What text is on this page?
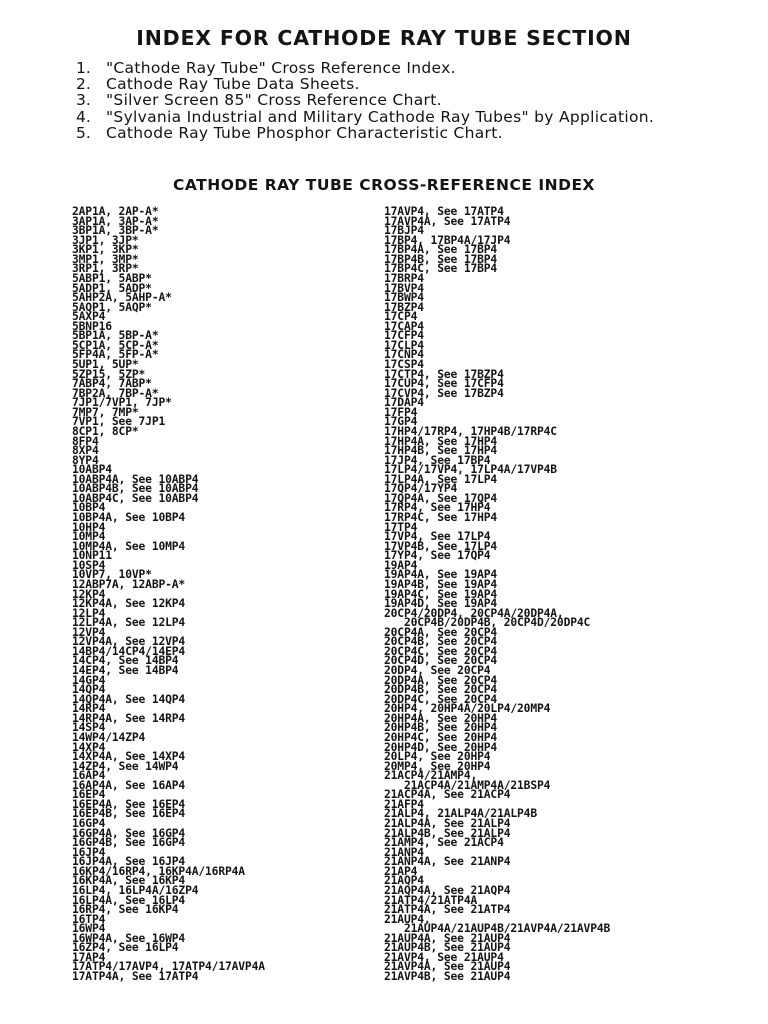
INDEX FOR CATHODE RAY TUBE SECTION
1. "Cathode Ray Tube" Cross Reference Index.
2. Cathode Ray Tube Data Sheets.
3. "Silver Screen 85" Cross Reference Chart.
4. "Sylvania Industrial and Military Cathode Ray Tubes" by Application.
5. Cathode Ray Tube Phosphor Characteristic Chart.
CATHODE RAY TUBE CROSS-REFERENCE INDEX
2AP1A, 2AP-A*
3AP1A, 3AP-A*
3BP1A, 3BP-A*
3JP1, 3JP*
3KP1, 3KP*
3MP1, 3MP*
3RP1, 3RP*
5ABP1, 5ABP*
5ADP1, 5ADP*
5AHP2A, 5AHP-A*
5AQP1, 5AQP*
5AXP4
5BNP16
5BP1A, 5BP-A*
5CP1A, 5CP-A*
5FP4A, 5FP-A*
5UP1, 5UP*
5ZP15, 5ZP*
7ABP4, 7ABP*
7BP2A, 7BP-A*
7JP1/7VP1, 7JP*
7MP7, 7MP*
7VP1, See 7JP1
8CP1, 8CP*
8FP4
8XP4
8YP4
10ABP4
10ABP4A, See 10ABP4
10ABP4B, See 10ABP4
10ABP4C, See 10ABP4
10BP4
10BP4A, See 10BP4
10HP4
10MP4
10MP4A, See 10MP4
10NP11
10SP4
10VP7, 10VP*
12ABP7A, 12ABP-A*
12KP4
12KP4A, See 12KP4
12LP4
12LP4A, See 12LP4
12VP4
12VP4A, See 12VP4
14BP4/14CP4/14EP4
14CP4, See 14BP4
14EP4, See 14BP4
14GP4
14QP4
14QP4A, See 14QP4
14RP4
14RP4A, See 14RP4
14SP4
14WP4/14ZP4
14XP4
14XP4A, See 14XP4
14ZP4, See 14WP4
16AP4
16AP4A, See 16AP4
16EP4
16EP4A, See 16EP4
16EP4B, See 16EP4
16GP4
16GP4A, See 16GP4
16GP4B, See 16GP4
16JP4
16JP4A, See 16JP4
16KP4/16RP4, 16KP4A/16RP4A
16KP4A, See 16KP4
16LP4, 16LP4A/16ZP4
16LP4A, See 16LP4
16RP4, See 16KP4
16TP4
16WP4
16WP4A, See 16WP4
16ZP4, See 16LP4
17AP4
17ATP4/17AVP4, 17ATP4/17AVP4A
17ATP4A, See 17ATP4
17AVP4, See 17ATP4
17AVP4A, See 17ATP4
17BJP4
17BP4, 17BP4A/17JP4
17BP4A, See 17BP4
17BP4B, See 17BP4
17BP4C, See 17BP4
17BRP4
17BVP4
17BWP4
17BZP4
17CP4
17CAP4
17CFP4
17CLP4
17CNP4
17CSP4
17CTP4, See 17BZP4
17CUP4, See 17CFP4
17CVP4, See 17BZP4
17DAP4
17FP4
17GP4
17HP4/17RP4, 17HP4B/17RP4C
17HP4A, See 17HP4
17HP4B, See 17HP4
17JP4, See 17BP4
17LP4/17VP4, 17LP4A/17VP4B
17LP4A, See 17LP4
17QP4/17YP4
17QP4A, See 17QP4
17RP4, See 17HP4
17RP4C, See 17HP4
17TP4
17VP4, See 17LP4
17VP4B, See 17LP4
17YP4, See 17QP4
19AP4
19AP4A, See 19AP4
19AP4B, See 19AP4
19AP4C, See 19AP4
19AP4D, See 19AP4
20CP4/20DP4, 20CP4A/20DP4A,
20CP4B/20DP4B, 20CP4D/20DP4C
20CP4A, See 20CP4
20CP4B, See 20CP4
20CP4C, See 20CP4
20CP4D, See 20CP4
20DP4, See 20CP4
20DP4A, See 20CP4
20DP4B, See 20CP4
20DP4C, See 20CP4
20HP4, 20HP4A/20LP4/20MP4
20HP4A, See 20HP4
20HP4B, See 20HP4
20HP4C, See 20HP4
20HP4D, See 20HP4
20LP4, See 20HP4
20MP4, See 20HP4
21ACP4/21AMP4,
21ACP4A/21AMP4A/21BSP4
21ACP4A, See 21ACP4
21AFP4
21ALP4, 21ALP4A/21ALP4B
21ALP4A, See 21ALP4
21ALP4B, See 21ALP4
21AMP4, See 21ACP4
21ANP4
21ANP4A, See 21ANP4
21AP4
21AQP4
21AQP4A, See 21AQP4
21ATP4/21ATP4A
21ATP4A, See 21ATP4
21AUP4,
21AUP4A/21AUP4B/21AVP4A/21AVP4B
21AUP4A, See 21AUP4
21AUP4B, See 21AUP4
21AVP4, See 21AUP4
21AVP4A, See 21AUP4
21AVP4B, See 21AUP4
